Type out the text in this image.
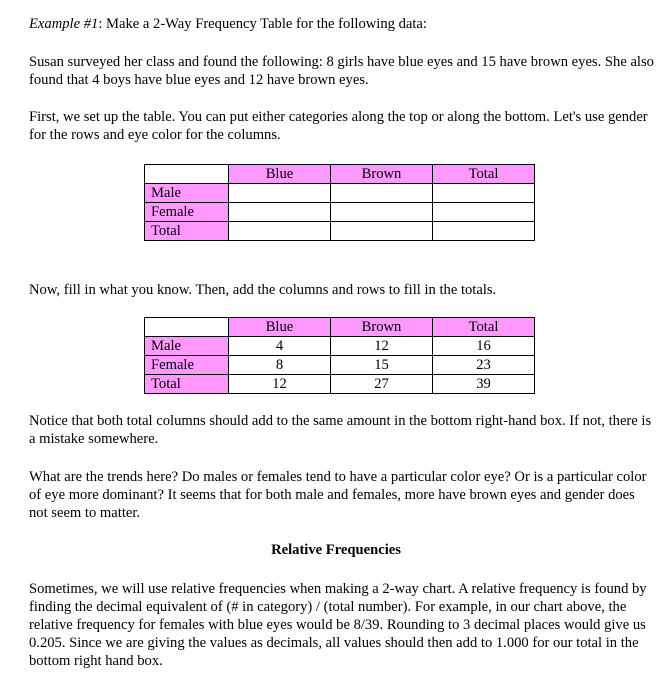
Example #1: Make a 2-Way Frequency Table for the following data:

Susan surveyed her class and found the following: 8 girls have blue eyes and 15 have brown eyes. She also found that 4 boys have blue eyes and 12 have brown eyes.

First, we set up the table. You can put either categories along the top or along the bottom. Let's use gender for the rows and eye color for the columns.

	Blue	Brown	Total
Male			
Female			
Total			

Now, fill in what you know. Then, add the columns and rows to fill in the totals.

	Blue	Brown	Total
Male	4	12	16
Female	8	15	23
Total	12	27	39

Notice that both total columns should add to the same amount in the bottom right-hand box. If not, there is a mistake somewhere.

What are the trends here? Do males or females tend to have a particular color eye? Or is a particular color of eye more dominant? It seems that for both male and females, more have brown eyes and gender does not seem to matter.

Relative Frequencies

Sometimes, we will use relative frequencies when making a 2-way chart. A relative frequency is found by finding the decimal equivalent of (# in category) / (total number). For example, in our chart above, the relative frequency for females with blue eyes would be 8/39. Rounding to 3 decimal places would give us 0.205. Since we are giving the values as decimals, all values should then add to 1.000 for our total in the bottom right hand box.
